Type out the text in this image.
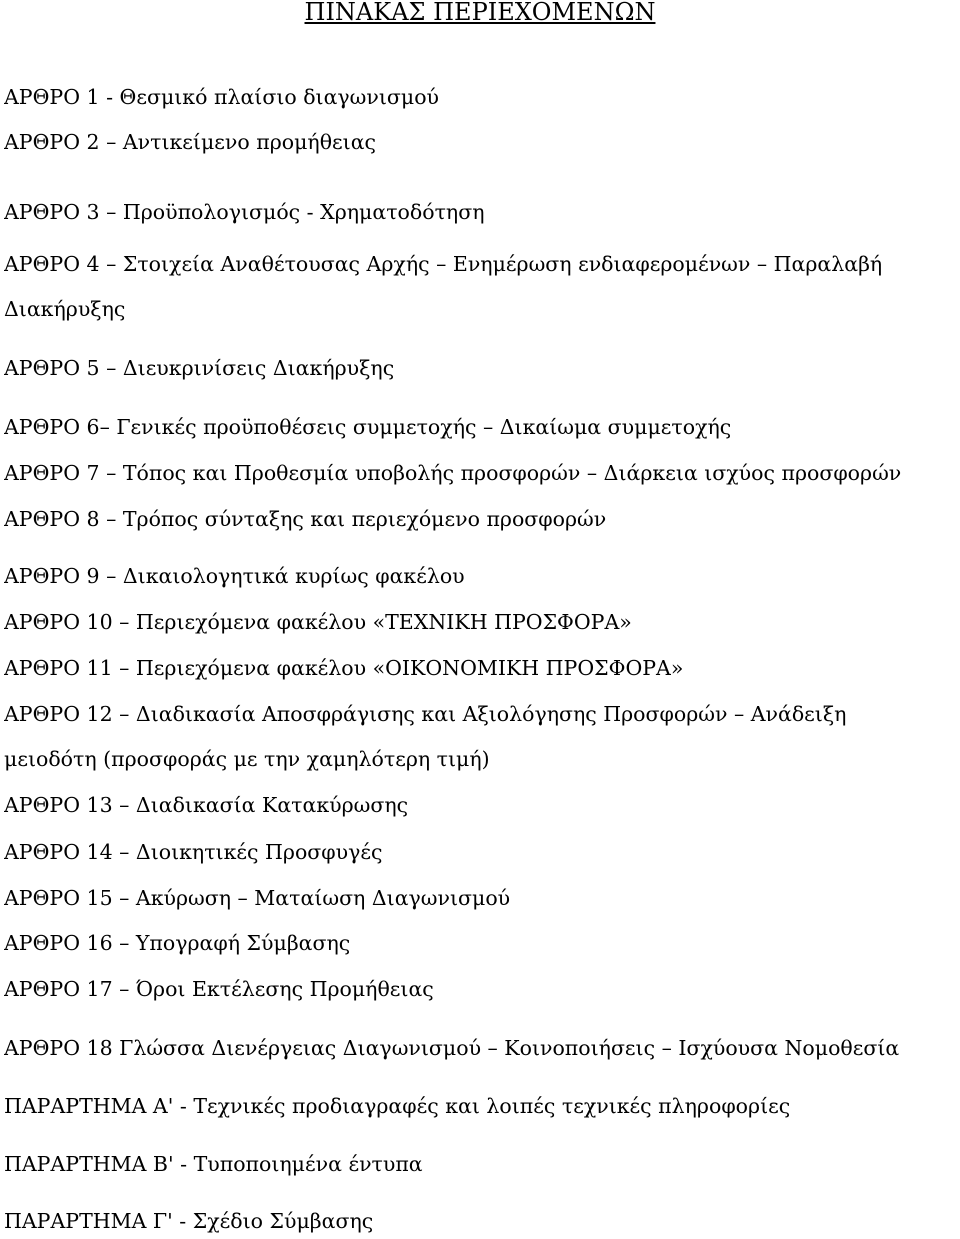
ΠΙΝΑΚΑΣ ΠΕΡΙΕΧΟΜΕΝΩΝ
ΑΡΘΡΟ 1 - Θεσμικό πλαίσιο διαγωνισμού
ΑΡΘΡΟ 2 – Αντικείμενο προμήθειας
ΑΡΘΡΟ 3 – Προϋπολογισμός - Χρηματοδότηση
ΑΡΘΡΟ 4 – Στοιχεία Αναθέτουσας Αρχής – Ενημέρωση ενδιαφερομένων – Παραλαβή
Διακήρυξης
ΑΡΘΡΟ 5 – Διευκρινίσεις Διακήρυξης
ΑΡΘΡΟ 6– Γενικές προϋποθέσεις συμμετοχής – Δικαίωμα συμμετοχής
ΑΡΘΡΟ 7 – Τόπος και Προθεσμία υποβολής προσφορών – Διάρκεια ισχύος προσφορών
ΑΡΘΡΟ 8 – Τρόπος σύνταξης και περιεχόμενο προσφορών
ΑΡΘΡΟ 9 – Δικαιολογητικά κυρίως φακέλου
ΑΡΘΡΟ 10 – Περιεχόμενα φακέλου «ΤΕΧΝΙΚΗ ΠΡΟΣΦΟΡΑ»
ΑΡΘΡΟ 11 – Περιεχόμενα φακέλου «ΟΙΚΟΝΟΜΙΚΗ ΠΡΟΣΦΟΡΑ»
ΑΡΘΡΟ 12 – Διαδικασία Αποσφράγισης και Αξιολόγησης Προσφορών – Ανάδειξη
μειοδότη (προσφοράς με την χαμηλότερη τιμή)
ΑΡΘΡΟ 13 – Διαδικασία Κατακύρωσης
ΑΡΘΡΟ 14 – Διοικητικές Προσφυγές
ΑΡΘΡΟ 15 – Ακύρωση – Ματαίωση Διαγωνισμού
ΑΡΘΡΟ 16 – Υπογραφή Σύμβασης
ΑΡΘΡΟ 17 – Όροι Εκτέλεσης Προμήθειας
ΑΡΘΡΟ 18 Γλώσσα Διενέργειας Διαγωνισμού – Κοινοποιήσεις – Ισχύουσα Νομοθεσία
ΠΑΡΑΡΤΗΜΑ Α' - Τεχνικές προδιαγραφές και λοιπές τεχνικές πληροφορίες
ΠΑΡΑΡΤΗΜΑ Β' - Τυποποιημένα έντυπα
ΠΑΡΑΡΤΗΜΑ Γ' - Σχέδιο Σύμβασης
